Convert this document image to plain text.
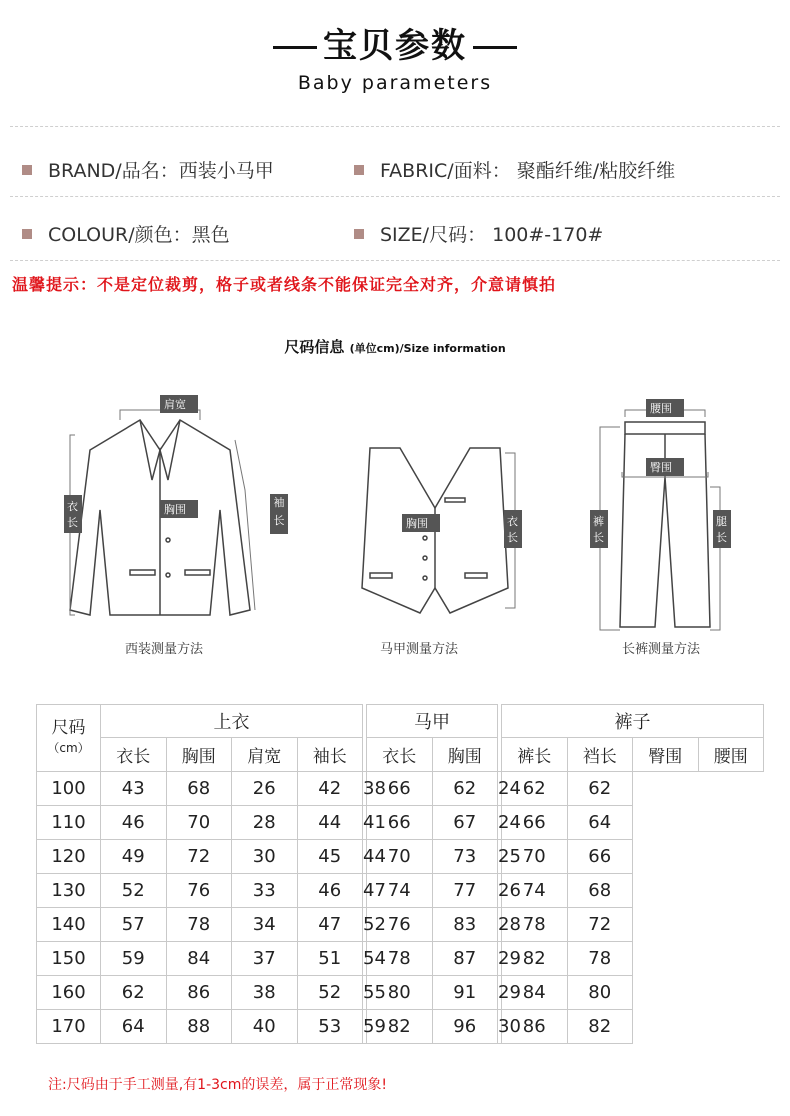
宝贝参数
Baby parameters
BRAND/品名：西装小马甲	FABRIC/面料： 聚酯纤维/粘胶纤维
COLOUR/颜色：黑色	SIZE/尺码： 100#-170#
温馨提示：不是定位裁剪，格子或者线条不能保证完全对齐，介意请慎拍
尺码信息 (单位cm)/Size information
肩宽
胸围
衣
长
袖
长
西装测量方法
胸围	衣
长
马甲测量方法
腰围
臀围
裤
长
腿
长
长裤测量方法
尺码
（cm）	上衣					马甲			裤子			
	衣长	胸围	肩宽	袖长		衣长	胸围		裤长	裆长	臀围	腰围
100	43	68	26	42	38	66	62	24	62	62		
110	46	70	28	44	41	66	67	24	66	64		
120	49	72	30	45	44	70	73	25	70	66		
130	52	76	33	46	47	74	77	26	74	68		
140	57	78	34	47	52	76	83	28	78	72		
150	59	84	37	51	54	78	87	29	82	78		
160	62	86	38	52	55	80	91	29	84	80		
170	64	88	40	53	59	82	96	30	86	82		
注:尺码由于手工测量,有1-3cm的误差，属于正常现象!
